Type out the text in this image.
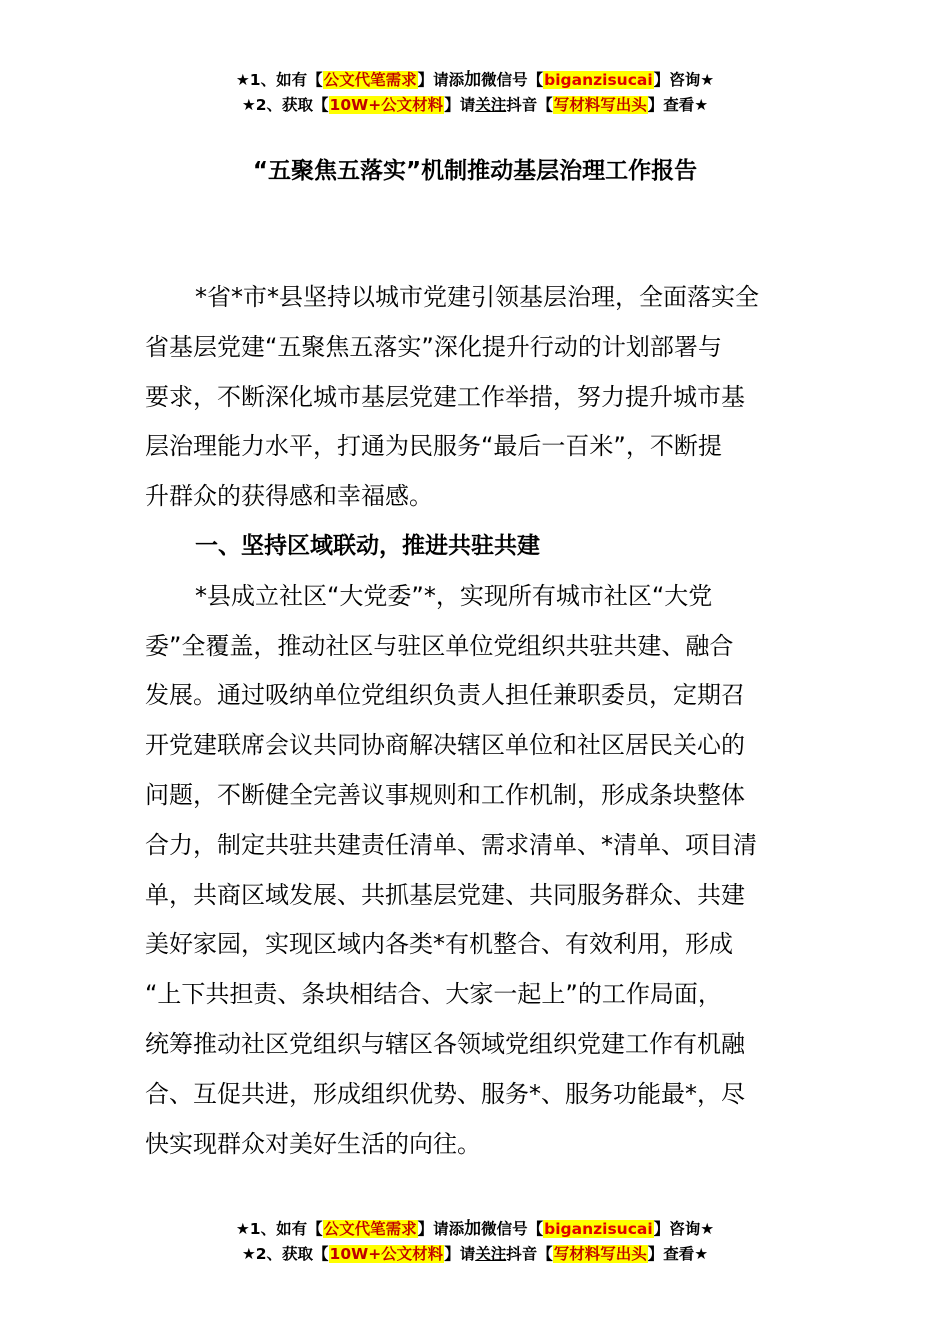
★1、如有【公文代笔需求】请添加微信号【biganzisucai】咨询★
★2、获取【10W+公文材料】请关注抖音【写材料写出头】查看★
“五聚焦五落实”机制推动基层治理工作报告
*省*市*县坚持以城市党建引领基层治理，全面落实全
省基层党建“五聚焦五落实”深化提升行动的计划部署与
要求，不断深化城市基层党建工作举措，努力提升城市基
层治理能力水平，打通为民服务“最后一百米”，不断提
升群众的获得感和幸福感。
一、坚持区域联动，推进共驻共建
*县成立社区“大党委”*，实现所有城市社区“大党
委”全覆盖，推动社区与驻区单位党组织共驻共建、融合
发展。通过吸纳单位党组织负责人担任兼职委员，定期召
开党建联席会议共同协商解决辖区单位和社区居民关心的
问题，不断健全完善议事规则和工作机制，形成条块整体
合力，制定共驻共建责任清单、需求清单、*清单、项目清
单，共商区域发展、共抓基层党建、共同服务群众、共建
美好家园，实现区域内各类*有机整合、有效利用，形成
“上下共担责、条块相结合、大家一起上”的工作局面，
统筹推动社区党组织与辖区各领域党组织党建工作有机融
合、互促共进，形成组织优势、服务*、服务功能最*，尽
快实现群众对美好生活的向往。
★1、如有【公文代笔需求】请添加微信号【biganzisucai】咨询★
★2、获取【10W+公文材料】请关注抖音【写材料写出头】查看★
